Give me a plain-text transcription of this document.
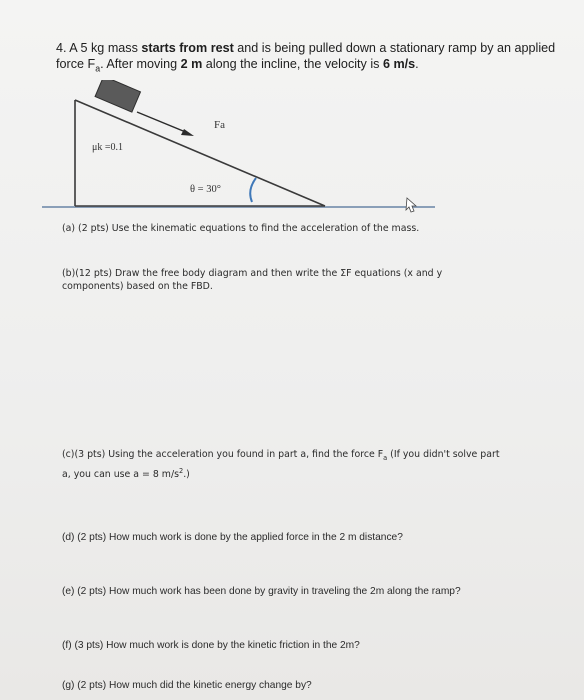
4. A 5 kg mass starts from rest and is being pulled down a stationary ramp by an applied force $F_a$. After moving 2 m along the incline, the velocity is 6 m/s.
Fa
μk =0.1
θ = 30°
(a) (2 pts) Use the kinematic equations to find the acceleration of the mass.
(b)(12 pts) Draw the free body diagram and then write the ΣF equations (x and y components) based on the FBD.
(c)(3 pts) Using the acceleration you found in part a, find the force $F_a$ (If you didn't solve part a, you can use a = 8 $m/s^2$.)
(d) (2 pts) How much work is done by the applied force in the 2 m distance?
(e) (2 pts) How much work has been done by gravity in traveling the 2m along the ramp?
(f) (3 pts) How much work is done by the kinetic friction in the 2m?
(g) (2 pts) How much did the kinetic energy change by?
